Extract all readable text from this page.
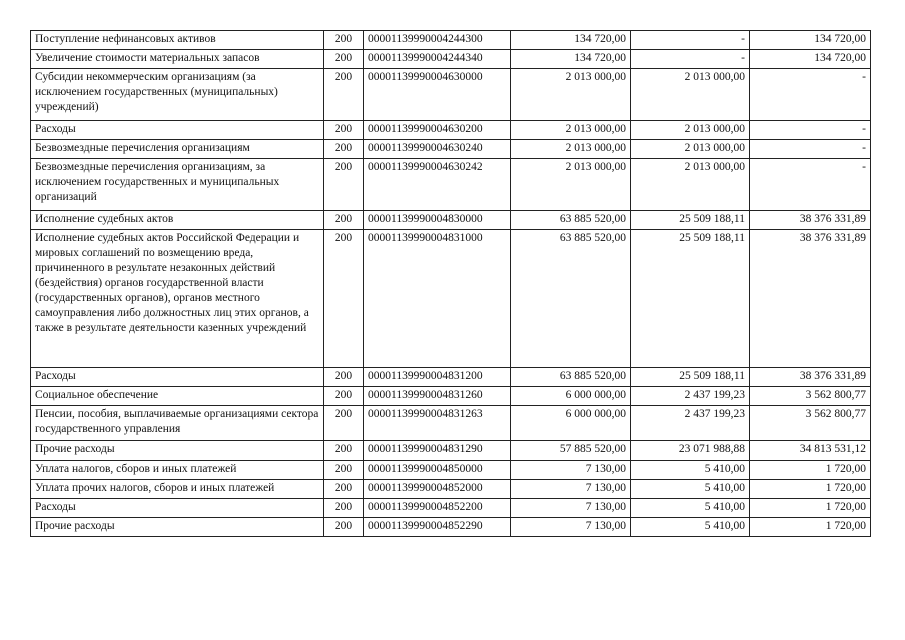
Поступление нефинансовых активов	200	00001139990004244300	134 720,00	-	134 720,00
Увеличение стоимости материальных запасов	200	00001139990004244340	134 720,00	-	134 720,00
Субсидии некоммерческим организациям (за исключением государственных (муниципальных) учреждений)	200	00001139990004630000	2 013 000,00	2 013 000,00	-
Расходы	200	00001139990004630200	2 013 000,00	2 013 000,00	-
Безвозмездные перечисления организациям	200	00001139990004630240	2 013 000,00	2 013 000,00	-
Безвозмездные перечисления организациям, за исключением государственных и муниципальных организаций	200	00001139990004630242	2 013 000,00	2 013 000,00	-
Исполнение судебных актов	200	00001139990004830000	63 885 520,00	25 509 188,11	38 376 331,89
Исполнение судебных актов Российской Федерации и мировых соглашений по возмещению вреда, причиненного в результате незаконных действий (бездействия) органов государственной власти (государственных органов), органов местного самоуправления либо должностных лиц этих органов, а также в результате деятельности казенных учреждений	200	00001139990004831000	63 885 520,00	25 509 188,11	38 376 331,89
Расходы	200	00001139990004831200	63 885 520,00	25 509 188,11	38 376 331,89
Социальное обеспечение	200	00001139990004831260	6 000 000,00	2 437 199,23	3 562 800,77
Пенсии, пособия, выплачиваемые организациями сектора государственного управления	200	00001139990004831263	6 000 000,00	2 437 199,23	3 562 800,77
Прочие расходы	200	00001139990004831290	57 885 520,00	23 071 988,88	34 813 531,12
Уплата налогов, сборов и иных платежей	200	00001139990004850000	7 130,00	5 410,00	1 720,00
Уплата прочих налогов, сборов и иных платежей	200	00001139990004852000	7 130,00	5 410,00	1 720,00
Расходы	200	00001139990004852200	7 130,00	5 410,00	1 720,00
Прочие расходы	200	00001139990004852290	7 130,00	5 410,00	1 720,00
